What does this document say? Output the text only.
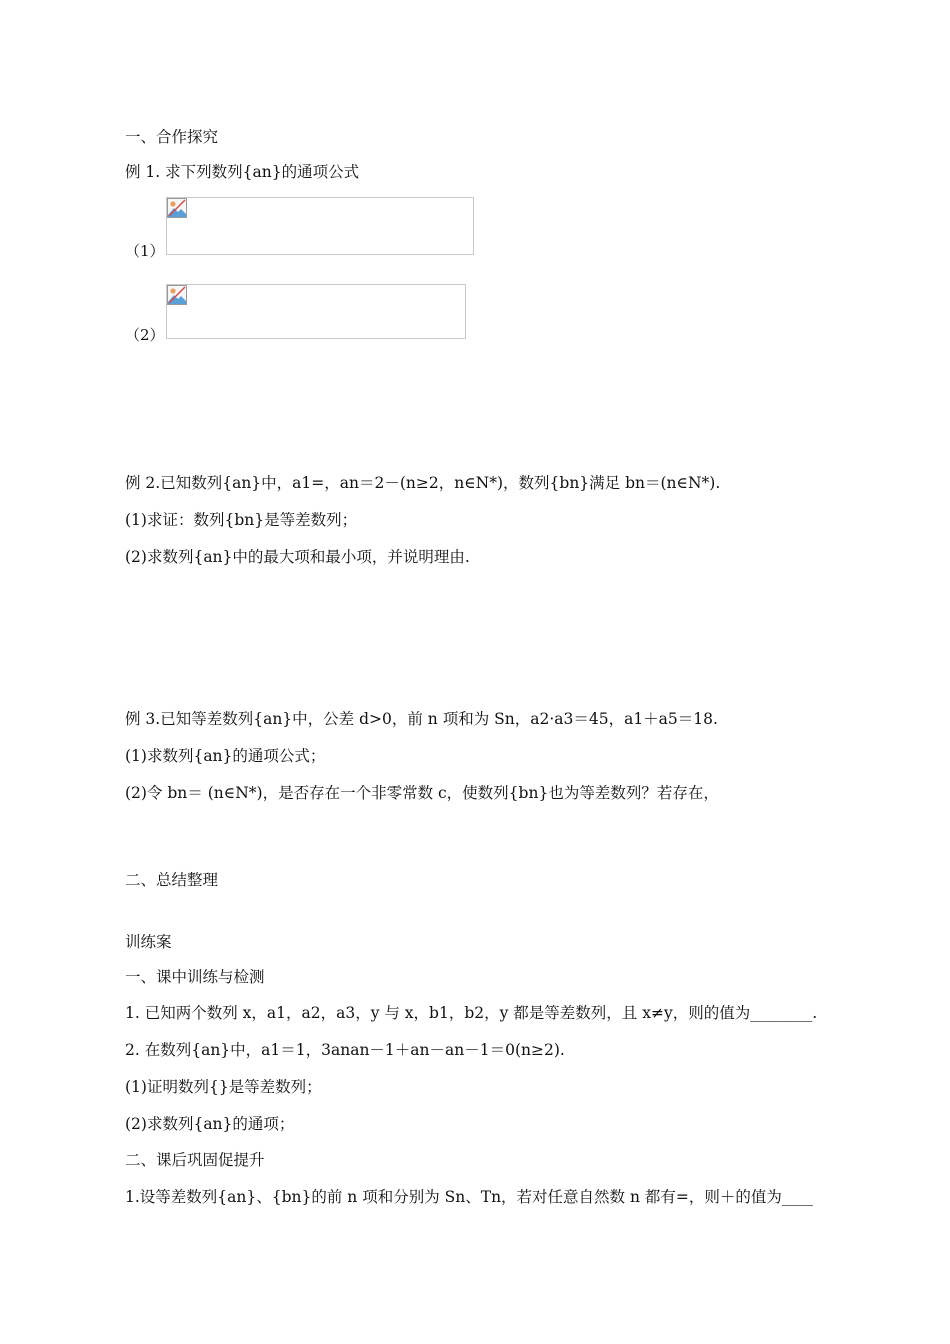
一、合作探究
例 1. 求下列数列{an}的通项公式
（1）
（2）
例 2.已知数列{an}中，a1=，an＝2－(n≥2，n∈N*)，数列{bn}满足 bn＝(n∈N*).
(1)求证：数列{bn}是等差数列；
(2)求数列{an}中的最大项和最小项，并说明理由.
例 3.已知等差数列{an}中，公差 d>0，前 n 项和为 Sn，a2·a3＝45，a1＋a5＝18.
(1)求数列{an}的通项公式；
(2)令 bn＝ (n∈N*)，是否存在一个非零常数 c，使数列{bn}也为等差数列？若存在，
二、总结整理
训练案
一、课中训练与检测
1. 已知两个数列 x，a1，a2，a3，y 与 x，b1，b2，y 都是等差数列，且 x≠y，则的值为________.
2. 在数列{an}中，a1＝1，3anan－1＋an－an－1＝0(n≥2).
(1)证明数列{}是等差数列；
(2)求数列{an}的通项；
二、课后巩固促提升
1.设等差数列{an}、{bn}的前 n 项和分别为 Sn、Tn，若对任意自然数 n 都有=，则＋的值为____
